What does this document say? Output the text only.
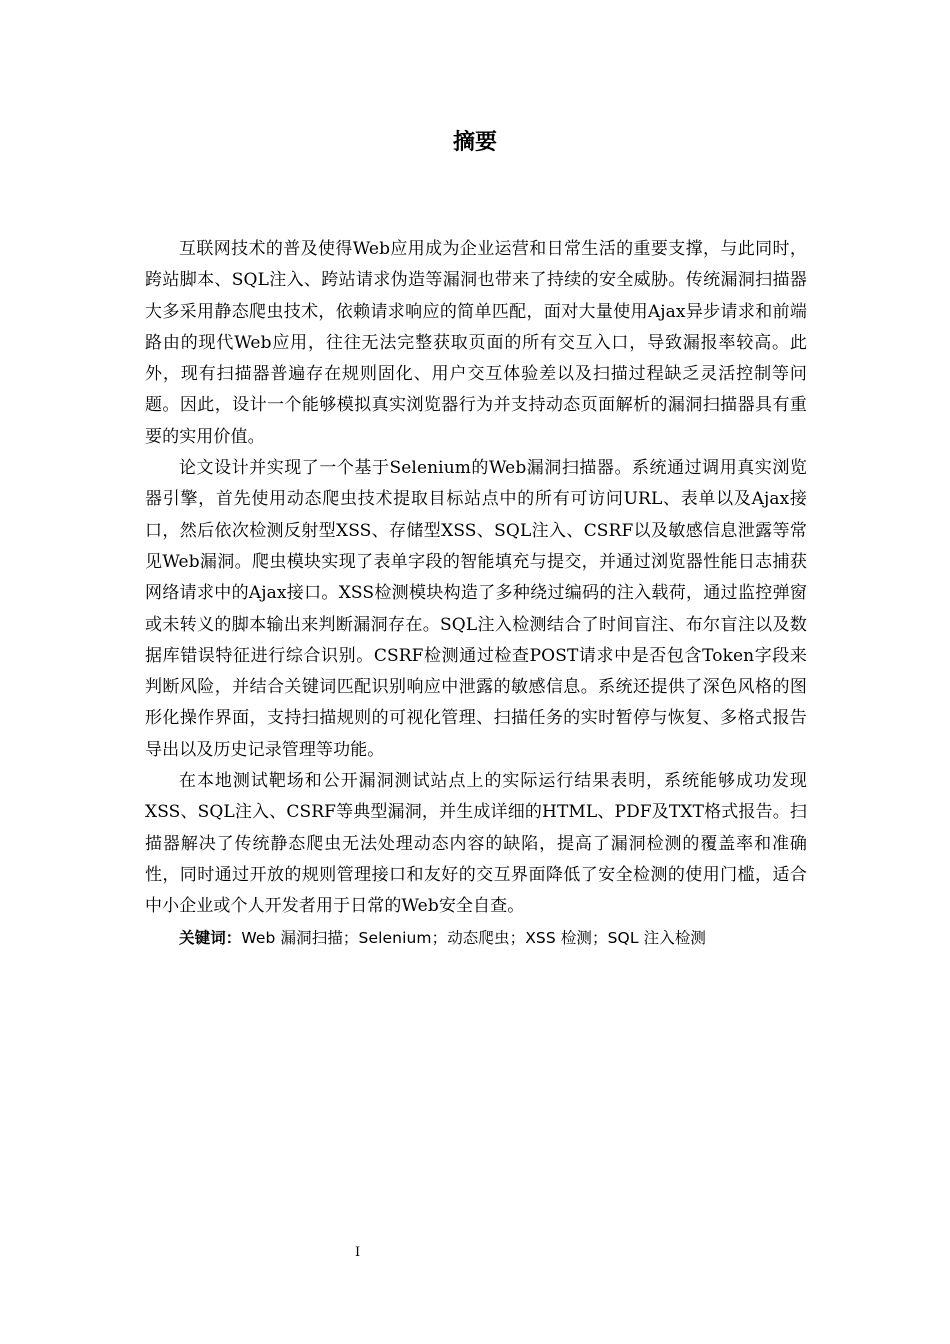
摘要

互联网技术的普及使得Web应用成为企业运营和日常生活的重要支撑，与此同时，跨站脚本、SQL注入、跨站请求伪造等漏洞也带来了持续的安全威胁。传统漏洞扫描器大多采用静态爬虫技术，依赖请求响应的简单匹配，面对大量使用Ajax异步请求和前端路由的现代Web应用，往往无法完整获取页面的所有交互入口，导致漏报率较高。此外，现有扫描器普遍存在规则固化、用户交互体验差以及扫描过程缺乏灵活控制等问题。因此，设计一个能够模拟真实浏览器行为并支持动态页面解析的漏洞扫描器具有重要的实用价值。

论文设计并实现了一个基于Selenium的Web漏洞扫描器。系统通过调用真实浏览器引擎，首先使用动态爬虫技术提取目标站点中的所有可访问URL、表单以及Ajax接口，然后依次检测反射型XSS、存储型XSS、SQL注入、CSRF以及敏感信息泄露等常见Web漏洞。爬虫模块实现了表单字段的智能填充与提交，并通过浏览器性能日志捕获网络请求中的Ajax接口。XSS检测模块构造了多种绕过编码的注入载荷，通过监控弹窗或未转义的脚本输出来判断漏洞存在。SQL注入检测结合了时间盲注、布尔盲注以及数据库错误特征进行综合识别。CSRF检测通过检查POST请求中是否包含Token字段来判断风险，并结合关键词匹配识别响应中泄露的敏感信息。系统还提供了深色风格的图形化操作界面，支持扫描规则的可视化管理、扫描任务的实时暂停与恢复、多格式报告导出以及历史记录管理等功能。

在本地测试靶场和公开漏洞测试站点上的实际运行结果表明，系统能够成功发现XSS、SQL注入、CSRF等典型漏洞，并生成详细的HTML、PDF及TXT格式报告。扫描器解决了传统静态爬虫无法处理动态内容的缺陷，提高了漏洞检测的覆盖率和准确性，同时通过开放的规则管理接口和友好的交互界面降低了安全检测的使用门槛，适合中小企业或个人开发者用于日常的Web安全自查。

关键词：Web 漏洞扫描；Selenium；动态爬虫；XSS 检测；SQL 注入检测

I
